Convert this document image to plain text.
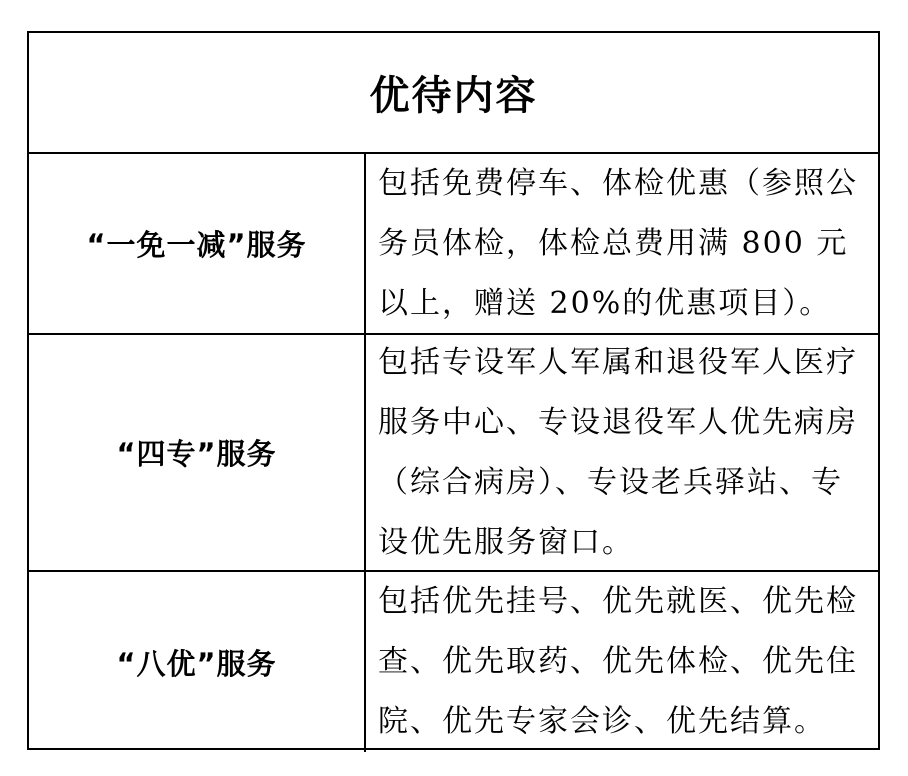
优待内容
“一免一减”服务
包括免费停车、体检优惠（参照公务员体检，体检总费用满 800 元以上，赠送 20%的优惠项目）。
“四专”服务
包括专设军人军属和退役军人医疗服务中心、专设退役军人优先病房（综合病房）、专设老兵驿站、专设优先服务窗口。
“八优”服务
包括优先挂号、优先就医、优先检查、优先取药、优先体检、优先住院、优先专家会诊、优先结算。
